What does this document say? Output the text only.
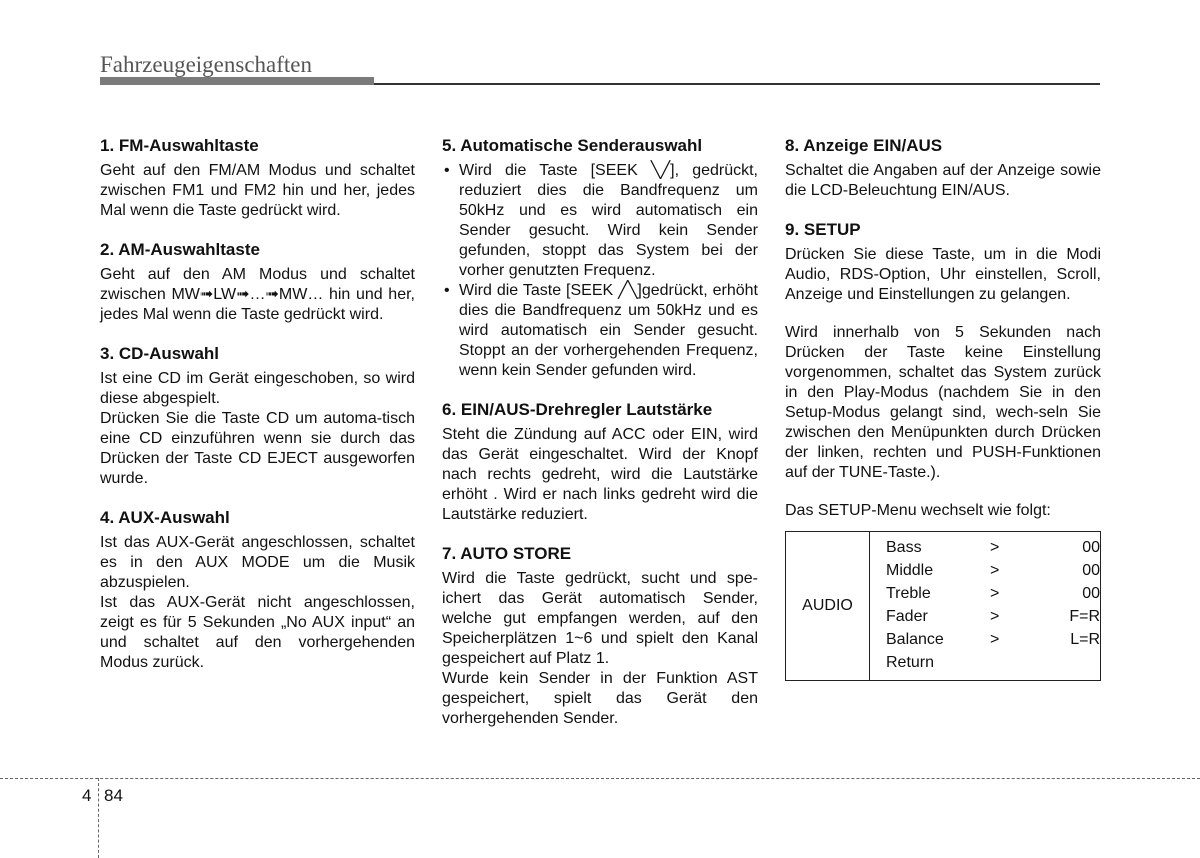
Fahrzeugeigenschaften
1. FM-Auswahltaste

Geht auf den FM/AM Modus und schaltet zwischen FM1 und FM2 hin und her, jedes Mal wenn die Taste gedrückt wird.

2. AM-Auswahltaste

Geht auf den AM Modus und schaltet zwischen MW➟LW➟…➟MW… hin und her, jedes Mal wenn die Taste gedrückt wird.

3. CD-Auswahl

Ist eine CD im Gerät eingeschoben, so wird diese abgespielt.

Drücken Sie die Taste CD um automa-tisch eine CD einzuführen wenn sie durch das Drücken der Taste CD EJECT ausgeworfen wurde.

4. AUX-Auswahl

Ist das AUX-Gerät angeschlossen, schaltet es in den AUX MODE um die Musik abzuspielen.

Ist das AUX-Gerät nicht angeschlossen, zeigt es für 5 Sekunden „No AUX input“ an und schaltet auf den vorhergehenden Modus zurück.

5. Automatische Senderauswahl
• Wird die Taste [SEEK ╲╱], gedrückt, reduziert dies die Bandfrequenz um 50kHz und es wird automatisch ein Sender gesucht. Wird kein Sender gefunden, stoppt das System bei der vorher genutzten Frequenz.
• Wird die Taste [SEEK ╱╲]gedrückt, erhöht dies die Bandfrequenz um 50kHz und es wird automatisch ein Sender gesucht. Stoppt an der vorhergehenden Frequenz, wenn kein Sender gefunden wird.
6. EIN/AUS-Drehregler Lautstärke

Steht die Zündung auf ACC oder EIN, wird das Gerät eingeschaltet. Wird der Knopf nach rechts gedreht, wird die Lautstärke erhöht . Wird er nach links gedreht wird die Lautstärke reduziert.

7. AUTO STORE

Wird die Taste gedrückt, sucht und spe-ichert das Gerät automatisch Sender, welche gut empfangen werden, auf den Speicherplätzen 1~6 und spielt den Kanal gespeichert auf Platz 1.

Wurde kein Sender in der Funktion AST gespeichert, spielt das Gerät den vorhergehenden Sender.

8. Anzeige EIN/AUS

Schaltet die Angaben auf der Anzeige sowie die LCD-Beleuchtung EIN/AUS.

9. SETUP

Drücken Sie diese Taste, um in die Modi Audio, RDS-Option, Uhr einstellen, Scroll, Anzeige und Einstellungen zu gelangen.

Wird innerhalb von 5 Sekunden nach Drücken der Taste keine Einstellung vorgenommen, schaltet das System zurück in den Play-Modus (nachdem Sie in den Setup-Modus gelangt sind, wech-seln Sie zwischen den Menüpunkten durch Drücken der linken, rechten und PUSH-Funktionen auf der TUNE-Taste.).

Das SETUP-Menu wechselt wie folgt:

AUDIO
Bass	>	00
Middle	>	00
Treble	>	00
Fader	>	F=R
Balance	>	L=R
Return
4 84
